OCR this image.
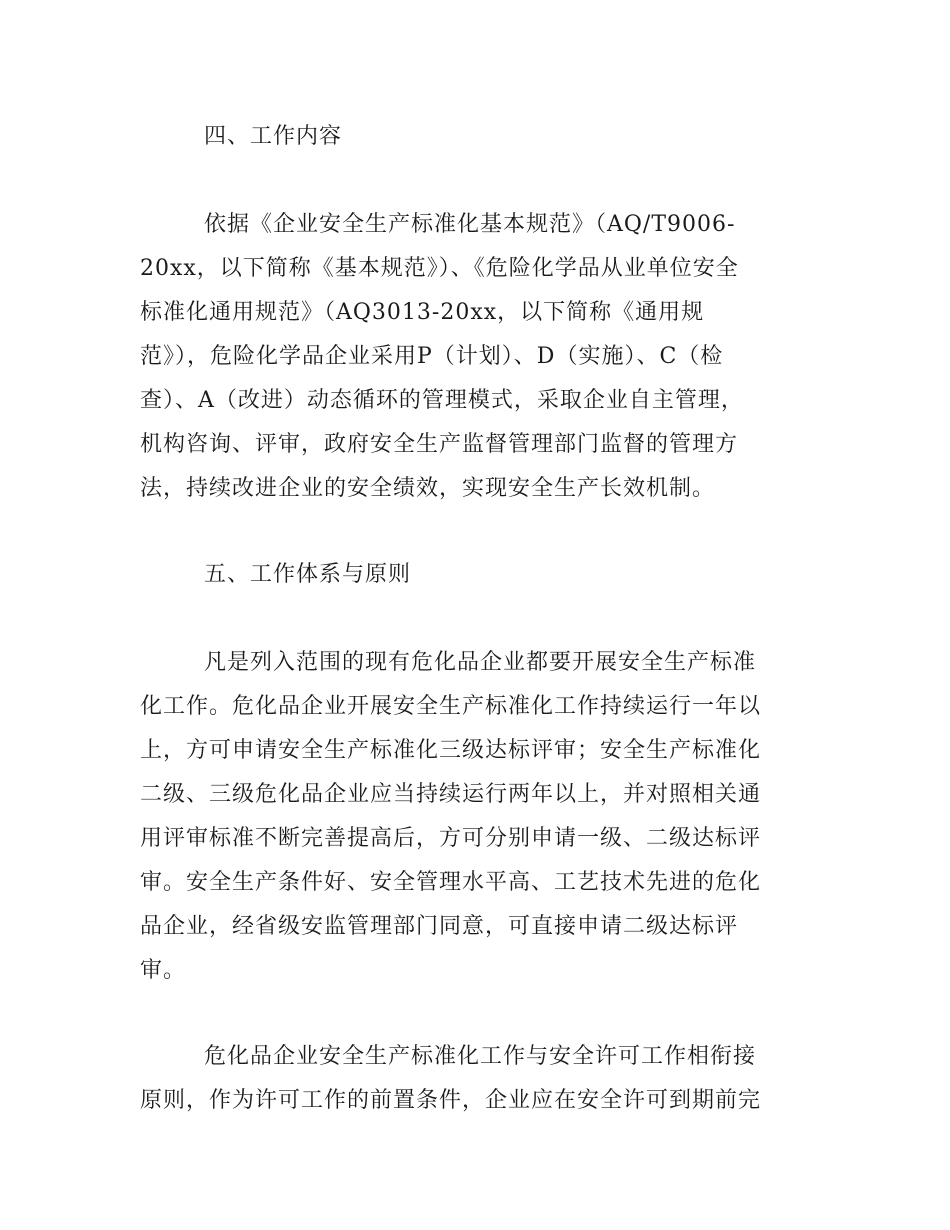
四、工作内容

依据《企业安全生产标准化基本规范》（AQ/T9006-

20xx，以下简称《基本规范》）、《危险化学品从业单位安全

标准化通用规范》（AQ3013-20xx，以下简称《通用规

范》），危险化学品企业采用P（计划）、D（实施）、C（检

查）、A（改进）动态循环的管理模式，采取企业自主管理，

机构咨询、评审，政府安全生产监督管理部门监督的管理方

法，持续改进企业的安全绩效，实现安全生产长效机制。

五、工作体系与原则

凡是列入范围的现有危化品企业都要开展安全生产标准

化工作。危化品企业开展安全生产标准化工作持续运行一年以

上，方可申请安全生产标准化三级达标评审；安全生产标准化

二级、三级危化品企业应当持续运行两年以上，并对照相关通

用评审标准不断完善提高后，方可分别申请一级、二级达标评

审。安全生产条件好、安全管理水平高、工艺技术先进的危化

品企业，经省级安监管理部门同意，可直接申请二级达标评

审。

危化品企业安全生产标准化工作与安全许可工作相衔接

原则，作为许可工作的前置条件，企业应在安全许可到期前完
